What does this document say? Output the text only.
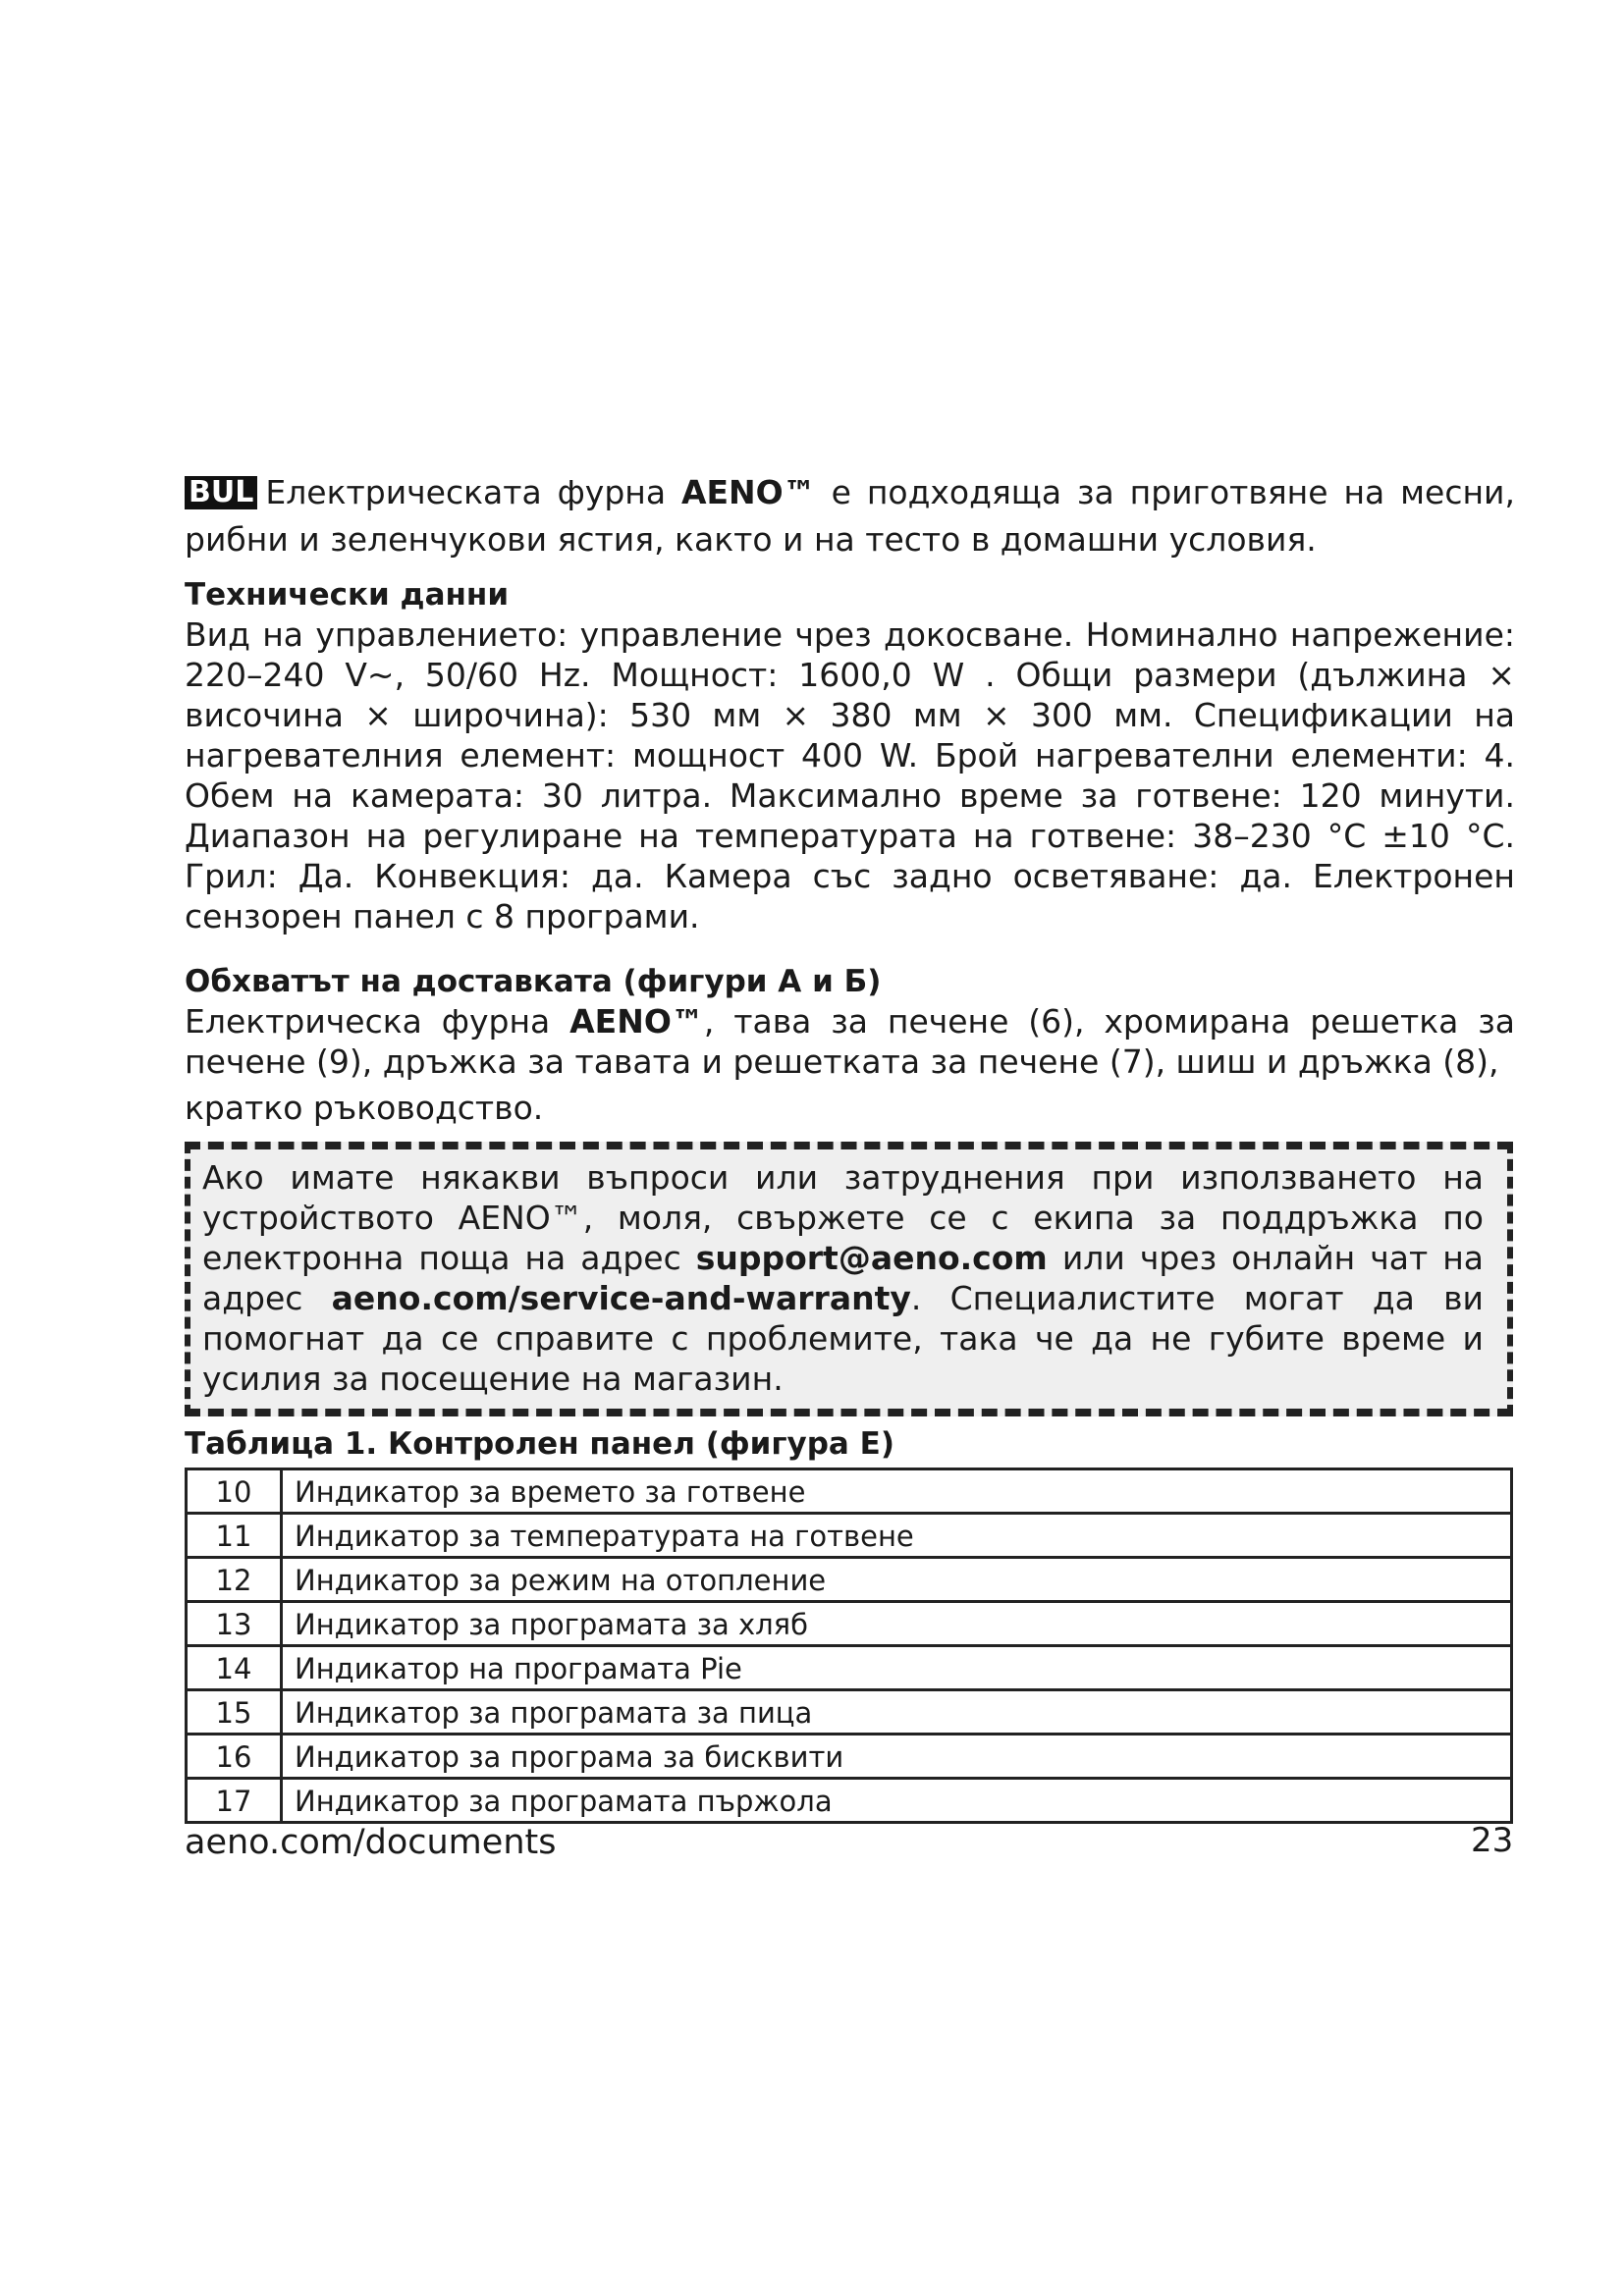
BUL Електрическата фурна AENO™ е подходяща за приготвяне на месни, рибни и зеленчукови ястия, както и на тесто в домашни условия.

Технически данни

Вид на управлението: управление чрез докосване. Номинално напрежение: 220–240 V~, 50/60 Hz. Мощност: 1600,0 W . Общи размери (дължина × височина × широчина): 530 мм × 380 мм × 300 мм. Спецификации на нагревателния елемент: мощност 400 W. Брой нагревателни елементи: 4. Обем на камерата: 30 литра. Максимално време за готвене: 120 минути. Диапазон на регулиране на температурата на готвене: 38–230 °С ±10 °С. Грил: Да. Конвекция: да. Камера със задно осветяване: да. Електронен сензорен панел с 8 програми.

Обхватът на доставката (фигури А и Б)

Електрическа фурна AENO™, тава за печене (6), хромирана решетка за печене (9), дръжка за тавата и решетката за печене (7), шиш и дръжка (8),

кратко ръководство.

Ако имате някакви въпроси или затруднения при използването на устройството AENO™, моля, свържете се с екипа за поддръжка по електронна поща на адрес support@aeno.com или чрез онлайн чат на адрес aeno.com/service-and-warranty. Специалистите могат да ви помогнат да се справите с проблемите, така че да не губите време и усилия за посещение на магазин.
Таблица 1. Контролен панел (фигура Е)
10	Индикатор за времето за готвене
11	Индикатор за температурата на готвене
12	Индикатор за режим на отопление
13	Индикатор за програмата за хляб
14	Индикатор на програмата Pie
15	Индикатор за програмата за пица
16	Индикатор за програма за бисквити
17	Индикатор за програмата пържола
aeno.com/documents	23
